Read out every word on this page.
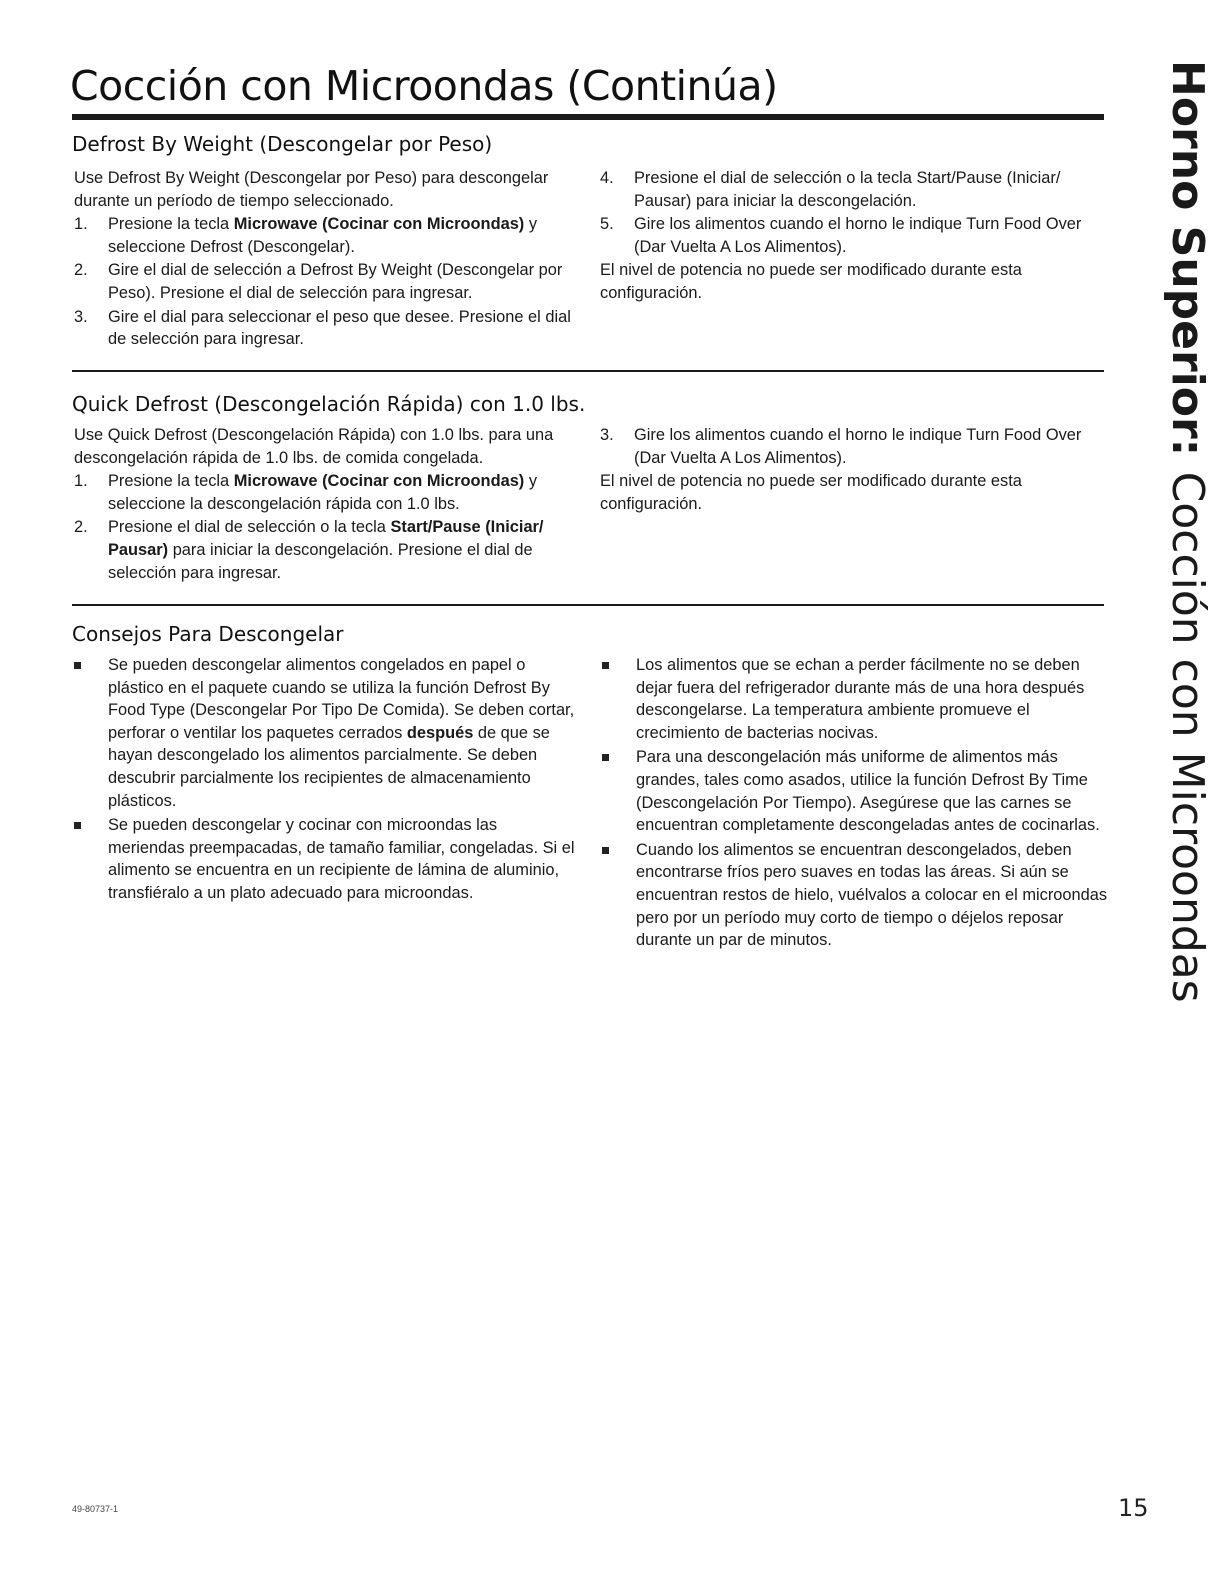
Cocción con Microondas (Continúa)	Horno Superior: Cocción con Microondas
Defrost By Weight (Descongelar por Peso)

Use Defrost By Weight (Descongelar por Peso) para descongelar durante un período de tiempo seleccionado.

1. Presione la tecla Microwave (Cocinar con Microondas) y seleccione Defrost (Descongelar).
2. Gire el dial de selección a Defrost By Weight (Descongelar por Peso). Presione el dial de selección para ingresar.
3. Gire el dial para seleccionar el peso que desee. Presione el dial de selección para ingresar.
4. Presione el dial de selección o la tecla Start/Pause (Iniciar/ Pausar) para iniciar la descongelación.
5. Gire los alimentos cuando el horno le indique Turn Food Over (Dar Vuelta A Los Alimentos).

El nivel de potencia no puede ser modificado durante esta configuración.

Quick Defrost (Descongelación Rápida) con 1.0 lbs.

Use Quick Defrost (Descongelación Rápida) con 1.0 lbs. para una descongelación rápida de 1.0 lbs. de comida congelada.

1. Presione la tecla Microwave (Cocinar con Microondas) y seleccione la descongelación rápida con 1.0 lbs.
2. Presione el dial de selección o la tecla Start/Pause (Iniciar/ Pausar) para iniciar la descongelación. Presione el dial de selección para ingresar.
3. Gire los alimentos cuando el horno le indique Turn Food Over (Dar Vuelta A Los Alimentos).

El nivel de potencia no puede ser modificado durante esta configuración.

Consejos Para Descongelar
Se pueden descongelar alimentos congelados en papel o plástico en el paquete cuando se utiliza la función Defrost By Food Type (Descongelar Por Tipo De Comida). Se deben cortar, perforar o ventilar los paquetes cerrados después de que se hayan descongelado los alimentos parcialmente. Se deben descubrir parcialmente los recipientes de almacenamiento plásticos.
Se pueden descongelar y cocinar con microondas las meriendas preempacadas, de tamaño familiar, congeladas. Si el alimento se encuentra en un recipiente de lámina de aluminio, transfiéralo a un plato adecuado para microondas.
Los alimentos que se echan a perder fácilmente no se deben dejar fuera del refrigerador durante más de una hora después descongelarse. La temperatura ambiente promueve el crecimiento de bacterias nocivas.
Para una descongelación más uniforme de alimentos más grandes, tales como asados, utilice la función Defrost By Time (Descongelación Por Tiempo). Asegúrese que las carnes se encuentran completamente descongeladas antes de cocinarlas.
Cuando los alimentos se encuentran descongelados, deben encontrarse fríos pero suaves en todas las áreas. Si aún se encuentran restos de hielo, vuélvalos a colocar en el microondas pero por un período muy corto de tiempo o déjelos reposar durante un par de minutos.
49-80737-1	15
